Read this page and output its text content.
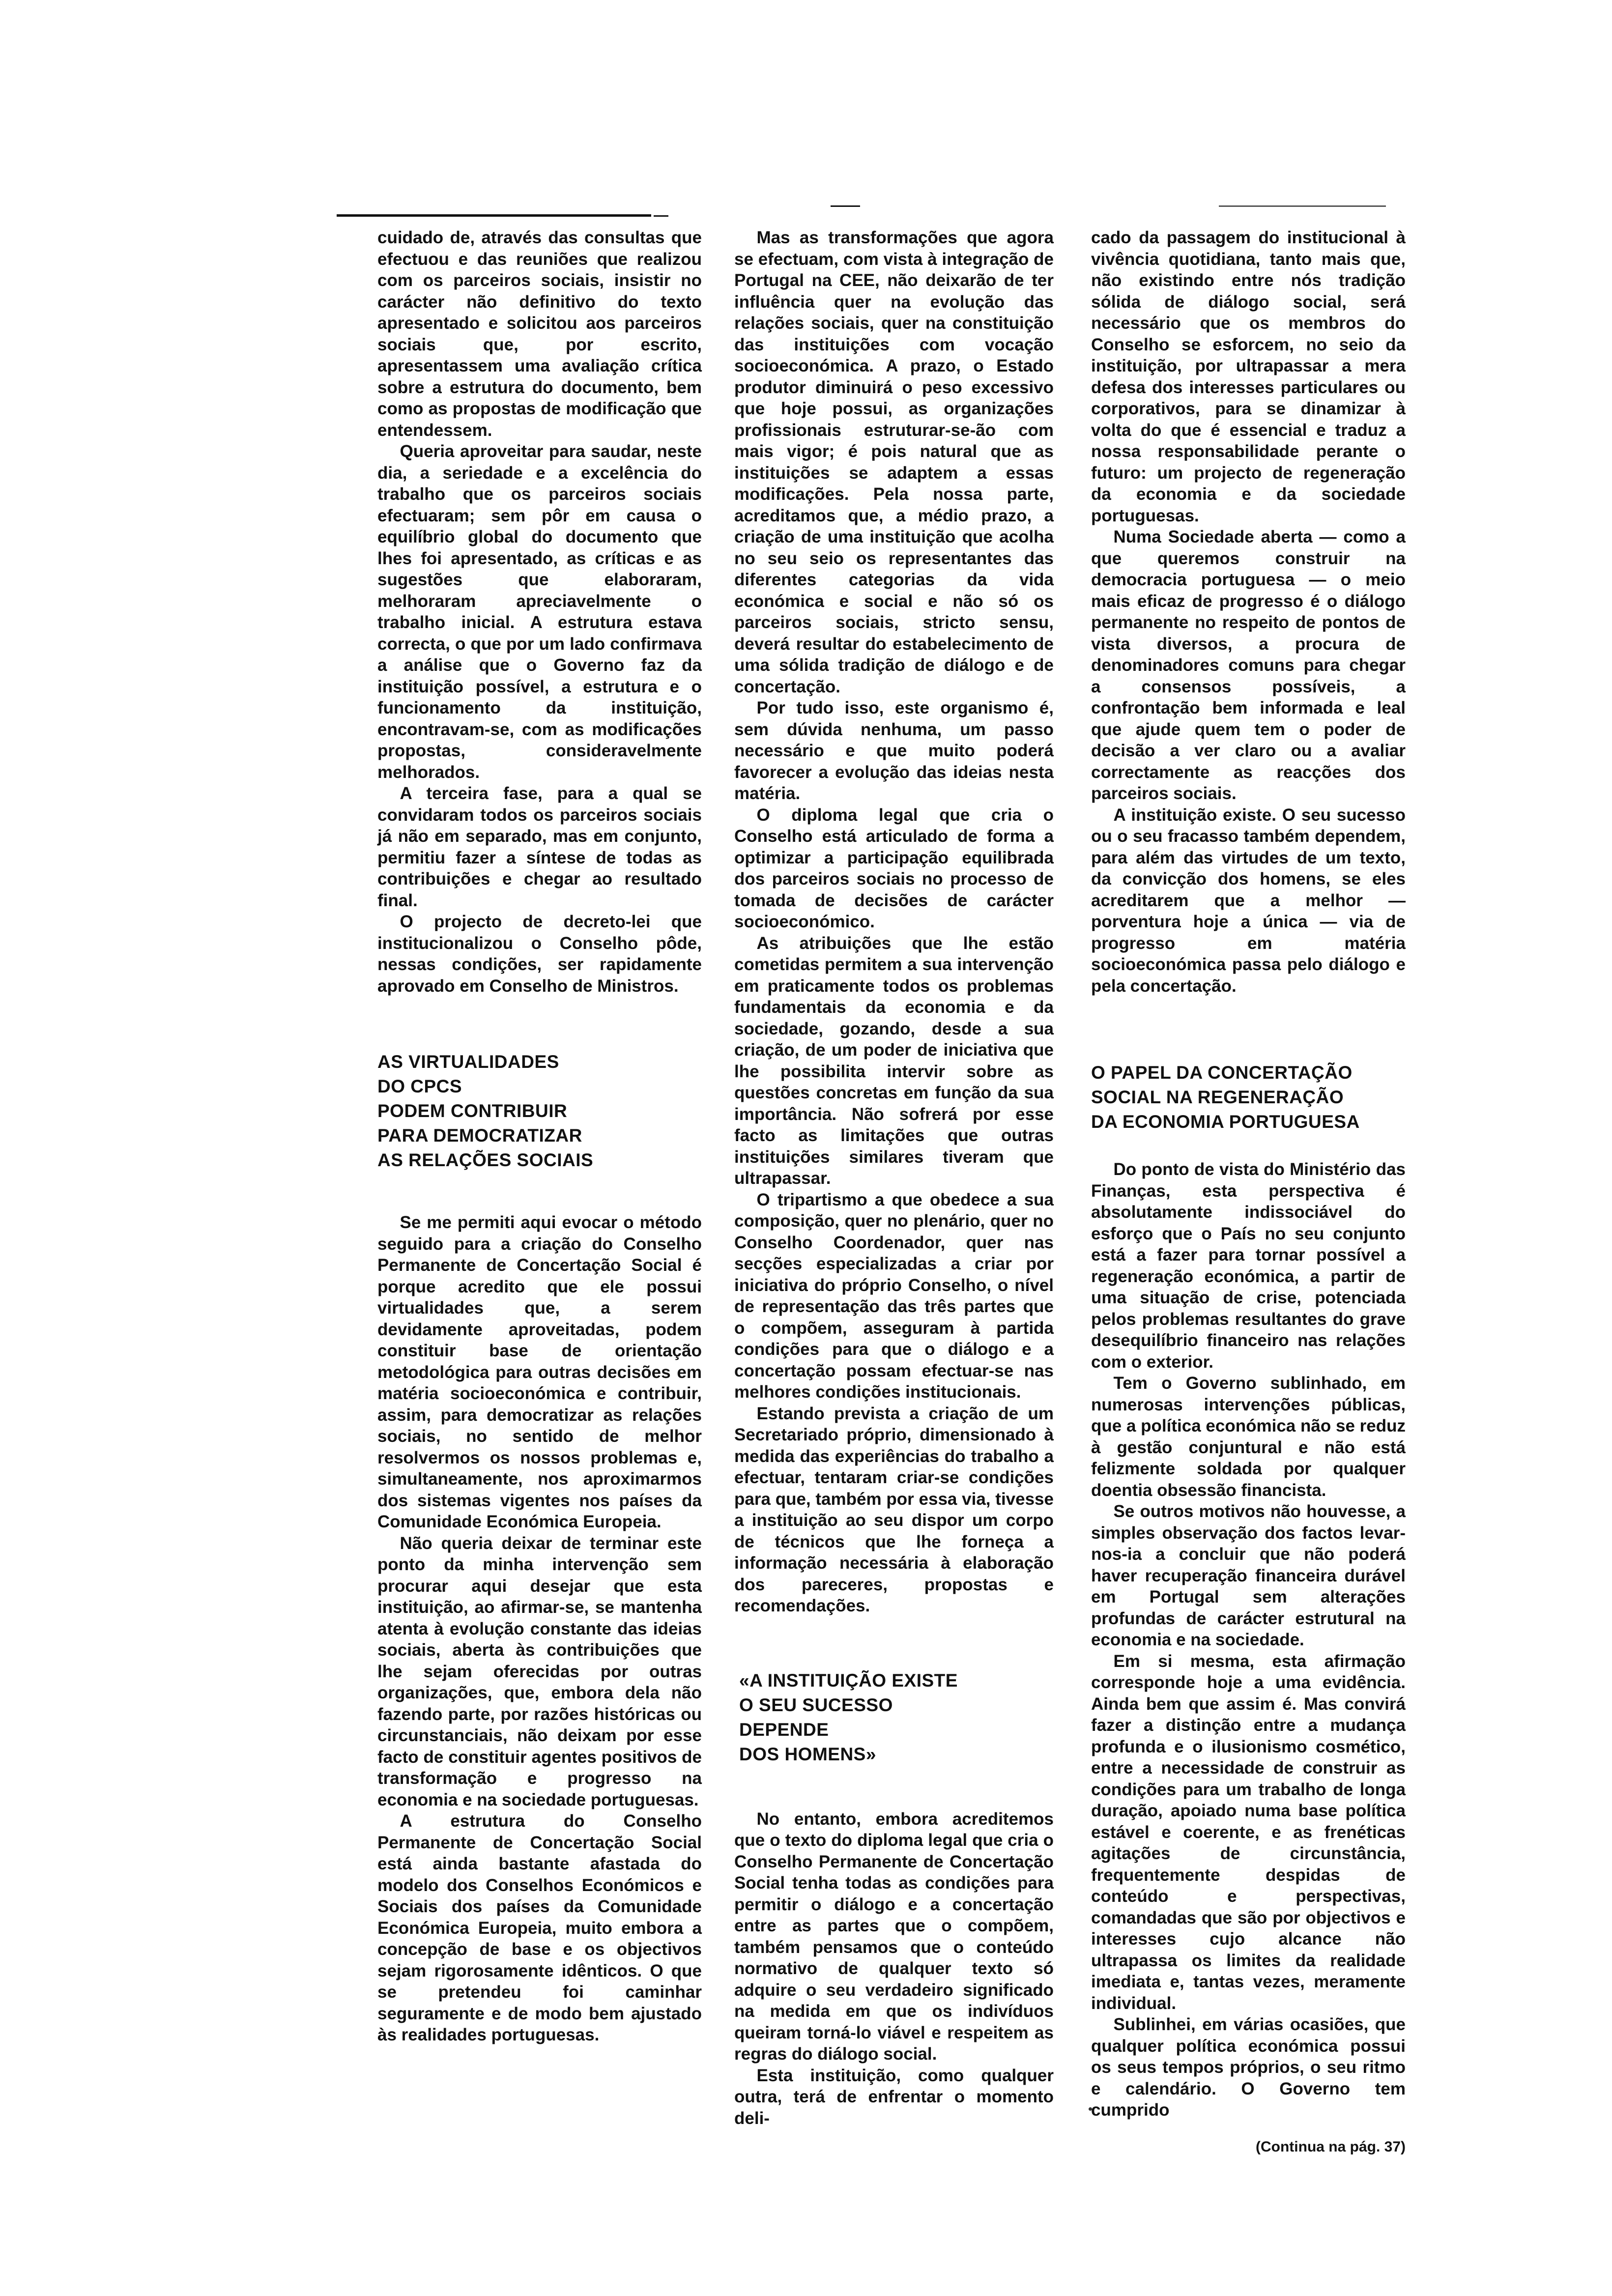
cuidado de, através das consultas que efectuou e das reuniões que realizou com os parceiros sociais, insistir no carácter não definitivo do texto apresentado e solicitou aos parceiros sociais que, por escrito, apresentassem uma avaliação crítica sobre a estrutura do documento, bem como as propostas de modificação que entendessem.

Queria aproveitar para saudar, neste dia, a seriedade e a excelência do trabalho que os parceiros sociais efectuaram; sem pôr em causa o equilíbrio global do documento que lhes foi apresentado, as críticas e as sugestões que elaboraram, melhoraram apreciavelmente o trabalho inicial. A estrutura estava correcta, o que por um lado confirmava a análise que o Governo faz da instituição possível, a estrutura e o funcionamento da instituição, encontravam-se, com as modificações propostas, consideravelmente melhorados.

A terceira fase, para a qual se convidaram todos os parceiros sociais já não em separado, mas em conjunto, permitiu fazer a síntese de todas as contribuições e chegar ao resultado final.

O projecto de decreto-lei que institucionalizou o Conselho pôde, nessas condições, ser rapidamente aprovado em Conselho de Ministros.

AS VIRTUALIDADES
DO CPCS
PODEM CONTRIBUIR
PARA DEMOCRATIZAR
AS RELAÇÕES SOCIAIS

Se me permiti aqui evocar o método seguido para a criação do Conselho Permanente de Concertação Social é porque acredito que ele possui virtualidades que, a serem devidamente aproveitadas, podem constituir base de orientação metodológica para outras decisões em matéria socioeconómica e contribuir, assim, para democratizar as relações sociais, no sentido de melhor resolvermos os nossos problemas e, simultaneamente, nos aproximarmos dos sistemas vigentes nos países da Comunidade Económica Europeia.

Não queria deixar de terminar este ponto da minha intervenção sem procurar aqui desejar que esta instituição, ao afirmar-se, se mantenha atenta à evolução constante das ideias sociais, aberta às contribuições que lhe sejam oferecidas por outras organizações, que, embora dela não fazendo parte, por razões históricas ou circunstanciais, não deixam por esse facto de constituir agentes positivos de transformação e progresso na economia e na sociedade portuguesas.

A estrutura do Conselho Permanente de Concertação Social está ainda bastante afastada do modelo dos Conselhos Económicos e Sociais dos países da Comunidade Económica Europeia, muito embora a concepção de base e os objectivos sejam rigorosamente idênticos. O que se pretendeu foi caminhar seguramente e de modo bem ajustado às realidades portuguesas.

Mas as transformações que agora se efectuam, com vista à integração de Portugal na CEE, não deixarão de ter influência quer na evolução das relações sociais, quer na constituição das instituições com vocação socioeconómica. A prazo, o Estado produtor diminuirá o peso excessivo que hoje possui, as organizações profissionais estruturar-se-ão com mais vigor; é pois natural que as instituições se adaptem a essas modificações. Pela nossa parte, acreditamos que, a médio prazo, a criação de uma instituição que acolha no seu seio os representantes das diferentes categorias da vida económica e social e não só os parceiros sociais, stricto sensu, deverá resultar do estabelecimento de uma sólida tradição de diálogo e de concertação.

Por tudo isso, este organismo é, sem dúvida nenhuma, um passo necessário e que muito poderá favorecer a evolução das ideias nesta matéria.

O diploma legal que cria o Conselho está articulado de forma a optimizar a participação equilibrada dos parceiros sociais no processo de tomada de decisões de carácter socioeconómico.

As atribuições que lhe estão cometidas permitem a sua intervenção em praticamente todos os problemas fundamentais da economia e da sociedade, gozando, desde a sua criação, de um poder de iniciativa que lhe possibilita intervir sobre as questões concretas em função da sua importância. Não sofrerá por esse facto as limitações que outras instituições similares tiveram que ultrapassar.

O tripartismo a que obedece a sua composição, quer no plenário, quer no Conselho Coordenador, quer nas secções especializadas a criar por iniciativa do próprio Conselho, o nível de representação das três partes que o compõem, asseguram à partida condições para que o diálogo e a concertação possam efectuar-se nas melhores condições institucionais.

Estando prevista a criação de um Secretariado próprio, dimensionado à medida das experiências do trabalho a efectuar, tentaram criar-se condições para que, também por essa via, tivesse a instituição ao seu dispor um corpo de técnicos que lhe forneça a informação necessária à elaboração dos pareceres, propostas e recomendações.

«A INSTITUIÇÃO EXISTE
O SEU SUCESSO
DEPENDE
DOS HOMENS»

No entanto, embora acreditemos que o texto do diploma legal que cria o Conselho Permanente de Concertação Social tenha todas as condições para permitir o diálogo e a concertação entre as partes que o compõem, também pensamos que o conteúdo normativo de qualquer texto só adquire o seu verdadeiro significado na medida em que os indivíduos queiram torná-lo viável e respeitem as regras do diálogo social.

Esta instituição, como qualquer outra, terá de enfrentar o momento deli-

cado da passagem do institucional à vivência quotidiana, tanto mais que, não existindo entre nós tradição sólida de diálogo social, será necessário que os membros do Conselho se esforcem, no seio da instituição, por ultrapassar a mera defesa dos interesses particulares ou corporativos, para se dinamizar à volta do que é essencial e traduz a nossa responsabilidade perante o futuro: um projecto de regeneração da economia e da sociedade portuguesas.

Numa Sociedade aberta — como a que queremos construir na democracia portuguesa — o meio mais eficaz de progresso é o diálogo permanente no respeito de pontos de vista diversos, a procura de denominadores comuns para chegar a consensos possíveis, a confrontação bem informada e leal que ajude quem tem o poder de decisão a ver claro ou a avaliar correctamente as reacções dos parceiros sociais.

A instituição existe. O seu sucesso ou o seu fracasso também dependem, para além das virtudes de um texto, da convicção dos homens, se eles acreditarem que a melhor — porventura hoje a única — via de progresso em matéria socioeconómica passa pelo diálogo e pela concertação.

O PAPEL DA CONCERTAÇÃO
SOCIAL NA REGENERAÇÃO
DA ECONOMIA PORTUGUESA

Do ponto de vista do Ministério das Finanças, esta perspectiva é absolutamente indissociável do esforço que o País no seu conjunto está a fazer para tornar possível a regeneração económica, a partir de uma situação de crise, potenciada pelos problemas resultantes do grave desequilíbrio financeiro nas relações com o exterior.

Tem o Governo sublinhado, em numerosas intervenções públicas, que a política económica não se reduz à gestão conjuntural e não está felizmente soldada por qualquer doentia obsessão financista.

Se outros motivos não houvesse, a simples observação dos factos levar-nos-ia a concluir que não poderá haver recuperação financeira durável em Portugal sem alterações profundas de carácter estrutural na economia e na sociedade.

Em si mesma, esta afirmação corresponde hoje a uma evidência. Ainda bem que assim é. Mas convirá fazer a distinção entre a mudança profunda e o ilusionismo cosmético, entre a necessidade de construir as condições para um trabalho de longa duração, apoiado numa base política estável e coerente, e as frenéticas agitações de circunstância, frequentemente despidas de conteúdo e perspectivas, comandadas que são por objectivos e interesses cujo alcance não ultrapassa os limites da realidade imediata e, tantas vezes, meramente individual.

Sublinhei, em várias ocasiões, que qualquer política económica possui os seus tempos próprios, o seu ritmo e calendário. O Governo tem cumprido

(Continua na pág. 37)
